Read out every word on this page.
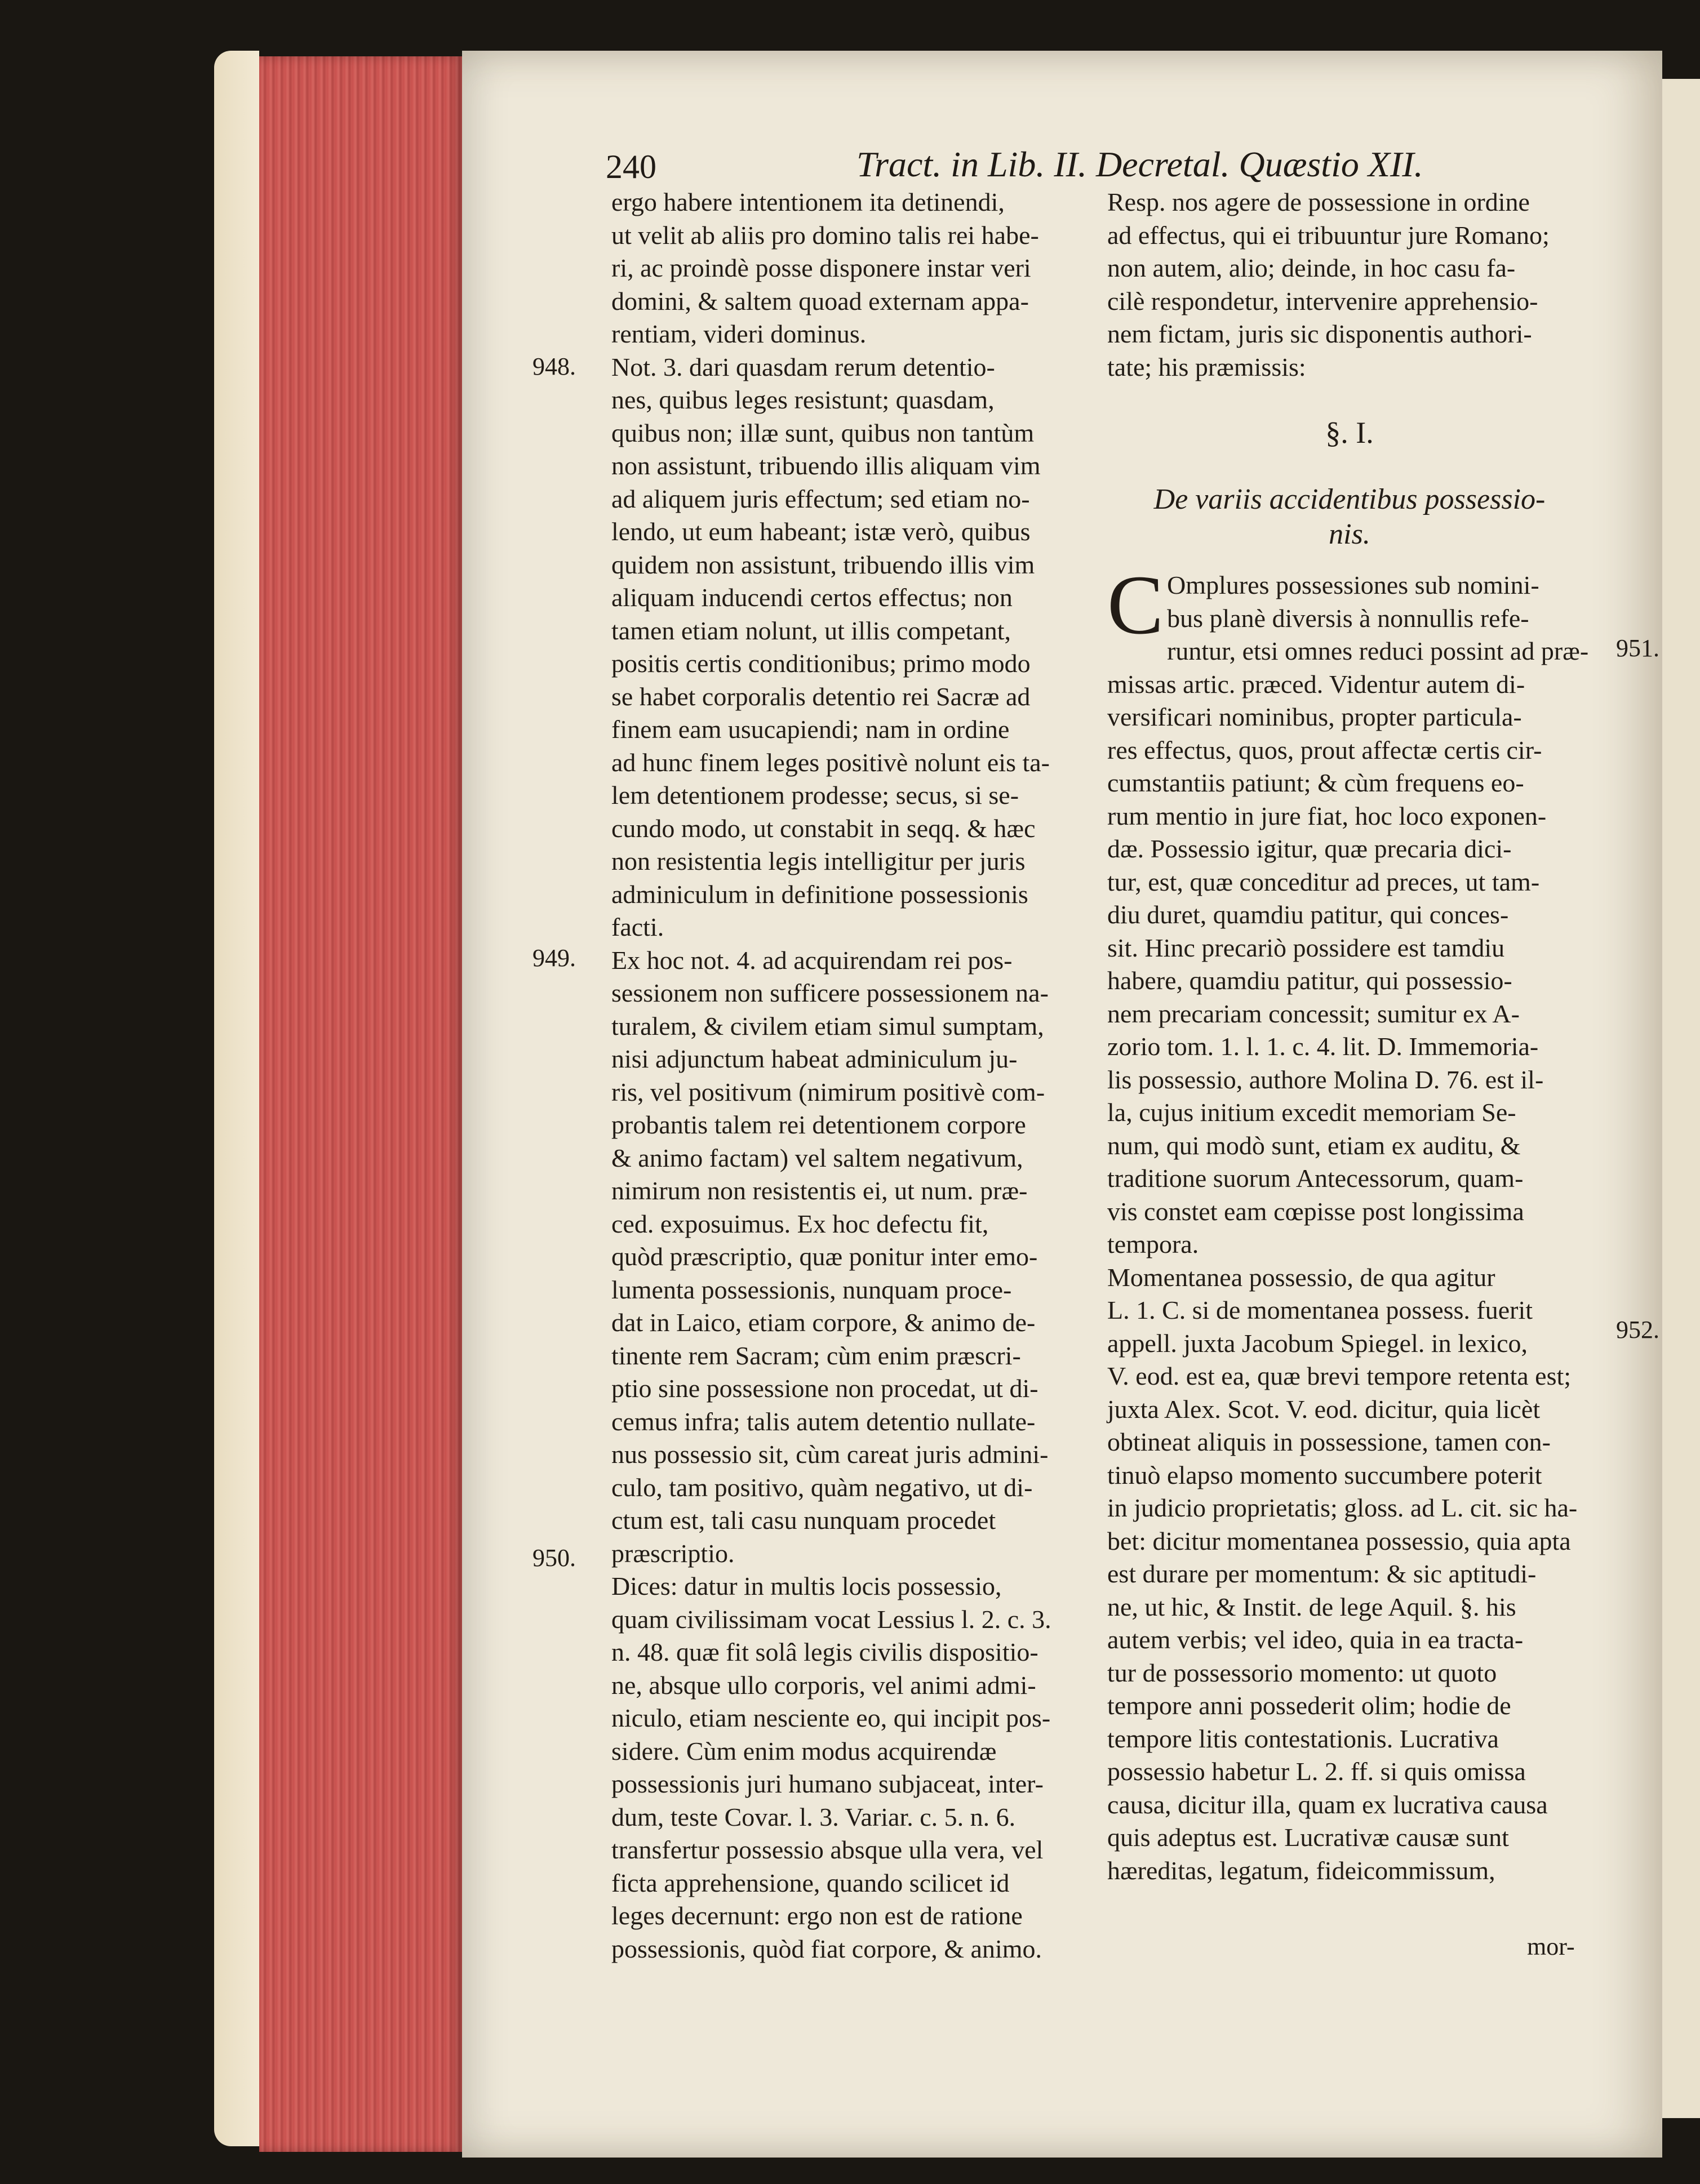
240	Tract. in Lib. II. Decretal. Quæstio XII.
ergo habere intentionem ita detinendi,
ut velit ab aliis pro domino talis rei habe-
ri, ac proindè posse disponere instar veri
domini, & saltem quoad externam appa-
rentiam, videri dominus.
Not. 3. dari quasdam rerum detentio-
nes, quibus leges resistunt; quasdam,
quibus non; illæ sunt, quibus non tantùm
non assistunt, tribuendo illis aliquam vim
ad aliquem juris effectum; sed etiam no-
lendo, ut eum habeant; istæ verò, quibus
quidem non assistunt, tribuendo illis vim
aliquam inducendi certos effectus; non
tamen etiam nolunt, ut illis competant,
positis certis conditionibus; primo modo
se habet corporalis detentio rei Sacræ ad
finem eam usucapiendi; nam in ordine
ad hunc finem leges positivè nolunt eis ta-
lem detentionem prodesse; secus, si se-
cundo modo, ut constabit in seqq. & hæc
non resistentia legis intelligitur per juris
adminiculum in definitione possessionis
facti.
Ex hoc not. 4. ad acquirendam rei pos-
sessionem non sufficere possessionem na-
turalem, & civilem etiam simul sumptam,
nisi adjunctum habeat adminiculum ju-
ris, vel positivum (nimirum positivè com-
probantis talem rei detentionem corpore
& animo factam) vel saltem negativum,
nimirum non resistentis ei, ut num. præ-
ced. exposuimus. Ex hoc defectu fit,
quòd præscriptio, quæ ponitur inter emo-
lumenta possessionis, nunquam proce-
dat in Laico, etiam corpore, & animo de-
tinente rem Sacram; cùm enim præscri-
ptio sine possessione non procedat, ut di-
cemus infra; talis autem detentio nullate-
nus possessio sit, cùm careat juris admini-
culo, tam positivo, quàm negativo, ut di-
ctum est, tali casu nunquam procedet
præscriptio.
Dices: datur in multis locis possessio,
quam civilissimam vocat Lessius l. 2. c. 3.
n. 48. quæ fit solâ legis civilis dispositio-
ne, absque ullo corporis, vel animi admi-
niculo, etiam nesciente eo, qui incipit pos-
sidere. Cùm enim modus acquirendæ
possessionis juri humano subjaceat, inter-
dum, teste Covar. l. 3. Variar. c. 5. n. 6.
transfertur possessio absque ulla vera, vel
ficta apprehensione, quando scilicet id
leges decernunt: ergo non est de ratione
possessionis, quòd fiat corpore, & animo.
948.
949.
950.
Resp. nos agere de possessione in ordine
ad effectus, qui ei tribuuntur jure Romano;
non autem, alio; deinde, in hoc casu fa-
cilè respondetur, intervenire apprehensio-
nem fictam, juris sic disponentis authori-
tate; his præmissis:
§. I.
De variis accidentibus possessio-
nis.
C Omplures possessiones sub nomini-
bus planè diversis à nonnullis refe-
runtur, etsi omnes reduci possint ad præ-
missas artic. præced. Videntur autem di-
versificari nominibus, propter particula-
res effectus, quos, prout affectæ certis cir-
cumstantiis patiunt; & cùm frequens eo-
rum mentio in jure fiat, hoc loco exponen-
dæ. Possessio igitur, quæ precaria dici-
tur, est, quæ conceditur ad preces, ut tam-
diu duret, quamdiu patitur, qui conces-
sit. Hinc precariò possidere est tamdiu
habere, quamdiu patitur, qui possessio-
nem precariam concessit; sumitur ex A-
zorio tom. 1. l. 1. c. 4. lit. D. Immemoria-
lis possessio, authore Molina D. 76. est il-
la, cujus initium excedit memoriam Se-
num, qui modò sunt, etiam ex auditu, &
traditione suorum Antecessorum, quam-
vis constet eam cœpisse post longissima
tempora.
Momentanea possessio, de qua agitur
L. 1. C. si de momentanea possess. fuerit
appell. juxta Jacobum Spiegel. in lexico,
V. eod. est ea, quæ brevi tempore retenta est;
juxta Alex. Scot. V. eod. dicitur, quia licèt
obtineat aliquis in possessione, tamen con-
tinuò elapso momento succumbere poterit
in judicio proprietatis; gloss. ad L. cit. sic ha-
bet: dicitur momentanea possessio, quia apta
est durare per momentum: & sic aptitudi-
ne, ut hic, & Instit. de lege Aquil. §. his
autem verbis; vel ideo, quia in ea tracta-
tur de possessorio momento: ut quoto
tempore anni possederit olim; hodie de
tempore litis contestationis. Lucrativa
possessio habetur L. 2. ff. si quis omissa
causa, dicitur illa, quam ex lucrativa causa
quis adeptus est. Lucrativæ causæ sunt
hæreditas, legatum, fideicommissum,
951.
952.
mor-
